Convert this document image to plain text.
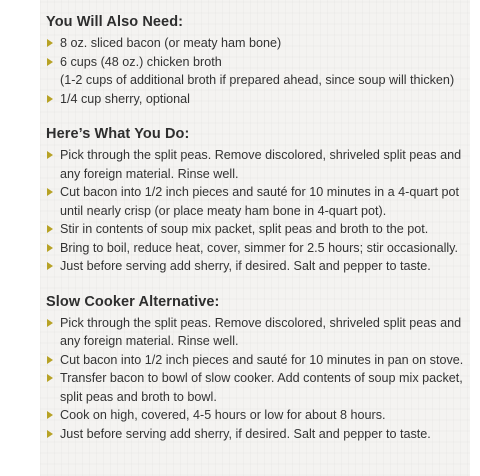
You Will Also Need:
8 oz. sliced bacon (or meaty ham bone)
6 cups (48 oz.) chicken broth
(1-2 cups of additional broth if prepared ahead, since soup will thicken)
1/4 cup sherry, optional
Here’s What You Do:
Pick through the split peas. Remove discolored, shriveled split peas and any foreign material. Rinse well.
Cut bacon into 1/2 inch pieces and sauté for 10 minutes in a 4-quart pot until nearly crisp (or place meaty ham bone in 4-quart pot).
Stir in contents of soup mix packet, split peas and broth to the pot.
Bring to boil, reduce heat, cover, simmer for 2.5 hours; stir occasionally.
Just before serving add sherry, if desired. Salt and pepper to taste.
Slow Cooker Alternative:
Pick through the split peas. Remove discolored, shriveled split peas and any foreign material. Rinse well.
Cut bacon into 1/2 inch pieces and sauté for 10 minutes in pan on stove.
Transfer bacon to bowl of slow cooker. Add contents of soup mix packet, split peas and broth to bowl.
Cook on high, covered, 4-5 hours or low for about 8 hours.
Just before serving add sherry, if desired. Salt and pepper to taste.
